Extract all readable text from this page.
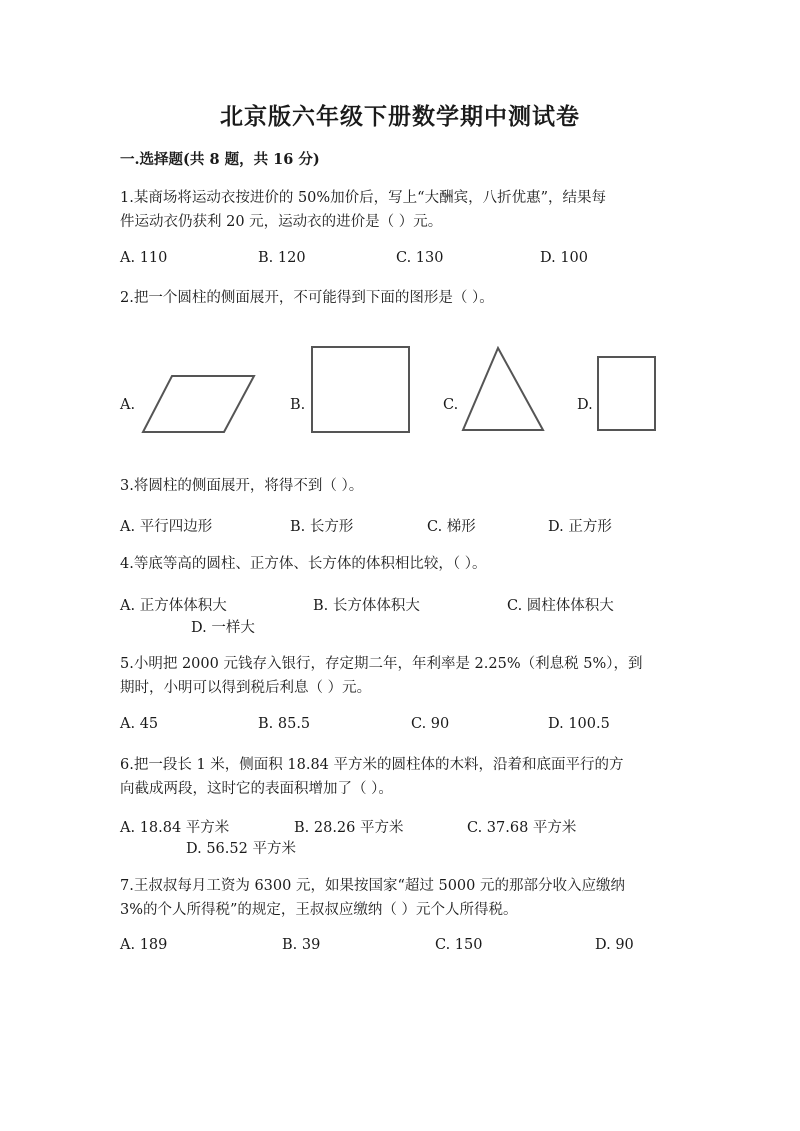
北京版六年级下册数学期中测试卷
一.选择题(共 8 题，共 16 分)
1.某商场将运动衣按进价的 50%加价后，写上“大酬宾，八折优惠”，结果每
件运动衣仍获利 20 元，运动衣的进价是（ ）元。
A. 110	B. 120	C. 130	D. 100
2.把一个圆柱的侧面展开，不可能得到下面的图形是（ ）。
A.	B.	C.	D.
3.将圆柱的侧面展开，将得不到（ ）。
A. 平行四边形	B. 长方形	C. 梯形	D. 正方形
4.等底等高的圆柱、正方体、长方体的体积相比较，（ ）。
A. 正方体体积大	B. 长方体体积大	C. 圆柱体体积大
D. 一样大
5.小明把 2000 元钱存入银行，存定期二年，年利率是 2.25%（利息税 5%），到
期时，小明可以得到税后利息（ ）元。
A. 45	B. 85.5	C. 90	D. 100.5
6.把一段长 1 米，侧面积 18.84 平方米的圆柱体的木料，沿着和底面平行的方
向截成两段，这时它的表面积增加了（ ）。
A. 18.84 平方米	B. 28.26 平方米	C. 37.68 平方米
D. 56.52 平方米
7.王叔叔每月工资为 6300 元，如果按国家“超过 5000 元的那部分收入应缴纳
3%的个人所得税”的规定，王叔叔应缴纳（ ）元个人所得税。
A. 189	B. 39	C. 150	D. 90
